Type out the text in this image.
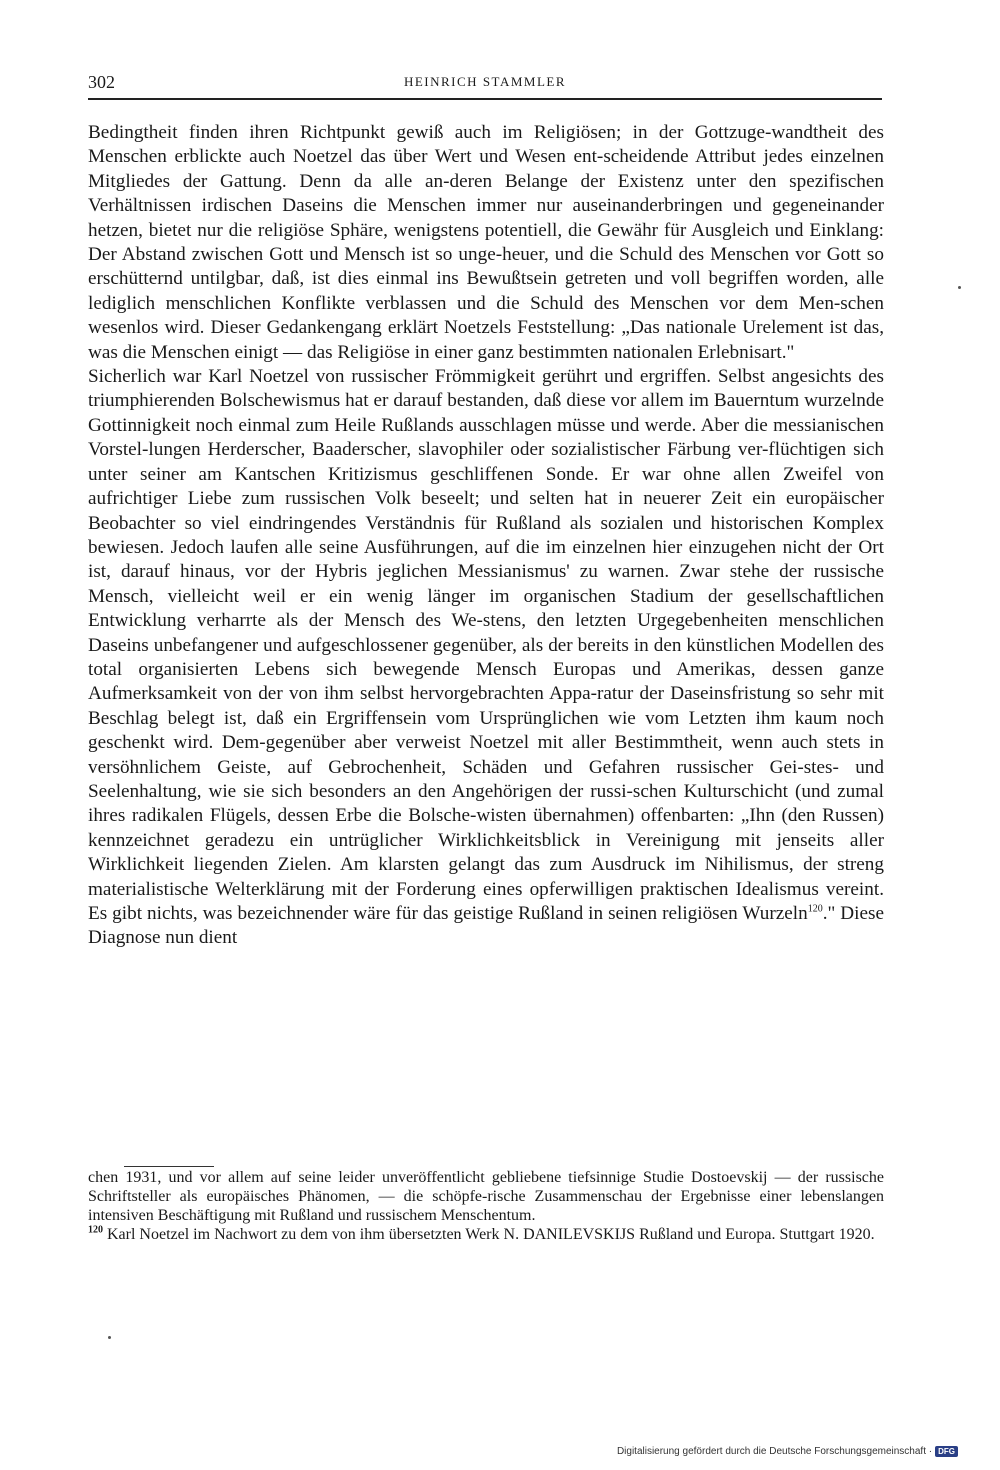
302	HEINRICH STAMMLER

Bedingtheit finden ihren Richtpunkt gewiß auch im Religiösen; in der Gottzuge-wandtheit des Menschen erblickte auch Noetzel das über Wert und Wesen ent-scheidende Attribut jedes einzelnen Mitgliedes der Gattung. Denn da alle an-deren Belange der Existenz unter den spezifischen Verhältnissen irdischen Daseins die Menschen immer nur auseinanderbringen und gegeneinander hetzen, bietet nur die religiöse Sphäre, wenigstens potentiell, die Gewähr für Ausgleich und Einklang: Der Abstand zwischen Gott und Mensch ist so unge-heuer, und die Schuld des Menschen vor Gott so erschütternd untilgbar, daß, ist dies einmal ins Bewußtsein getreten und voll begriffen worden, alle lediglich menschlichen Konflikte verblassen und die Schuld des Menschen vor dem Men-schen wesenlos wird. Dieser Gedankengang erklärt Noetzels Feststellung: „Das nationale Urelement ist das, was die Menschen einigt — das Religiöse in einer ganz bestimmten nationalen Erlebnisart."

Sicherlich war Karl Noetzel von russischer Frömmigkeit gerührt und ergriffen. Selbst angesichts des triumphierenden Bolschewismus hat er darauf bestanden, daß diese vor allem im Bauerntum wurzelnde Gottinnigkeit noch einmal zum Heile Rußlands ausschlagen müsse und werde. Aber die messianischen Vorstel-lungen Herderscher, Baaderscher, slavophiler oder sozialistischer Färbung ver-flüchtigen sich unter seiner am Kantschen Kritizismus geschliffenen Sonde. Er war ohne allen Zweifel von aufrichtiger Liebe zum russischen Volk beseelt; und selten hat in neuerer Zeit ein europäischer Beobachter so viel eindringendes Verständnis für Rußland als sozialen und historischen Komplex bewiesen. Jedoch laufen alle seine Ausführungen, auf die im einzelnen hier einzugehen nicht der Ort ist, darauf hinaus, vor der Hybris jeglichen Messianismus' zu warnen. Zwar stehe der russische Mensch, vielleicht weil er ein wenig länger im organischen Stadium der gesellschaftlichen Entwicklung verharrte als der Mensch des We-stens, den letzten Urgegebenheiten menschlichen Daseins unbefangener und aufgeschlossener gegenüber, als der bereits in den künstlichen Modellen des total organisierten Lebens sich bewegende Mensch Europas und Amerikas, dessen ganze Aufmerksamkeit von der von ihm selbst hervorgebrachten Appa-ratur der Daseinsfristung so sehr mit Beschlag belegt ist, daß ein Ergriffensein vom Ursprünglichen wie vom Letzten ihm kaum noch geschenkt wird. Dem-gegenüber aber verweist Noetzel mit aller Bestimmtheit, wenn auch stets in versöhnlichem Geiste, auf Gebrochenheit, Schäden und Gefahren russischer Gei-stes- und Seelenhaltung, wie sie sich besonders an den Angehörigen der russi-schen Kulturschicht (und zumal ihres radikalen Flügels, dessen Erbe die Bolsche-wisten übernahmen) offenbarten: „Ihn (den Russen) kennzeichnet geradezu ein untrüglicher Wirklichkeitsblick in Vereinigung mit jenseits aller Wirklichkeit liegenden Zielen. Am klarsten gelangt das zum Ausdruck im Nihilismus, der streng materialistische Welterklärung mit der Forderung eines opferwilligen praktischen Idealismus vereint. Es gibt nichts, was bezeichnender wäre für das geistige Rußland in seinen religiösen Wurzeln$^{120}$." Diese Diagnose nun dient

chen 1931, und vor allem auf seine leider unveröffentlicht gebliebene tiefsinnige Studie Dostoevskij — der russische Schriftsteller als europäisches Phänomen, — die schöpfe-rische Zusammenschau der Ergebnisse einer lebenslangen intensiven Beschäftigung mit Rußland und russischem Menschentum.

$^{120}$ Karl Noetzel im Nachwort zu dem von ihm übersetzten Werk N. DANILEVSKIJS Rußland und Europa. Stuttgart 1920.

Digitalisierung gefördert durch die Deutsche Forschungsgemeinschaft · DFG
